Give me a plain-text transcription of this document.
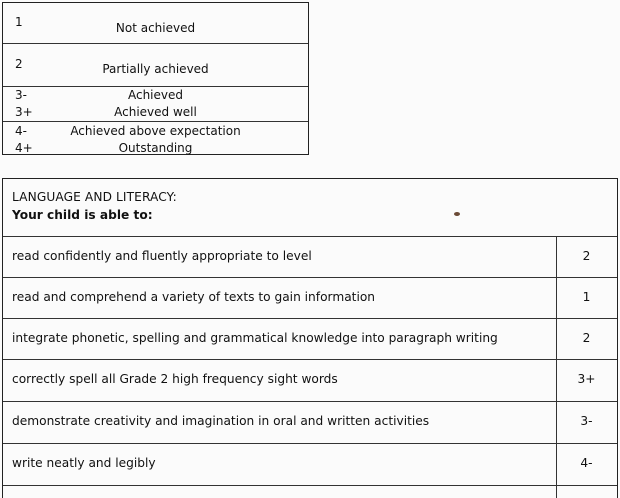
1	Not achieved
2	Partially achieved
3-	Achieved
3+	Achieved well
4-	Achieved above expectation
4+	Outstanding
LANGUAGE AND LITERACY:
Your child is able to:
read confidently and fluently appropriate to level	2
read and comprehend a variety of texts to gain information	1
integrate phonetic, spelling and grammatical knowledge into paragraph writing	2
correctly spell all Grade 2 high frequency sight words	3+
demonstrate creativity and imagination in oral and written activities	3-
write neatly and legibly	4-
